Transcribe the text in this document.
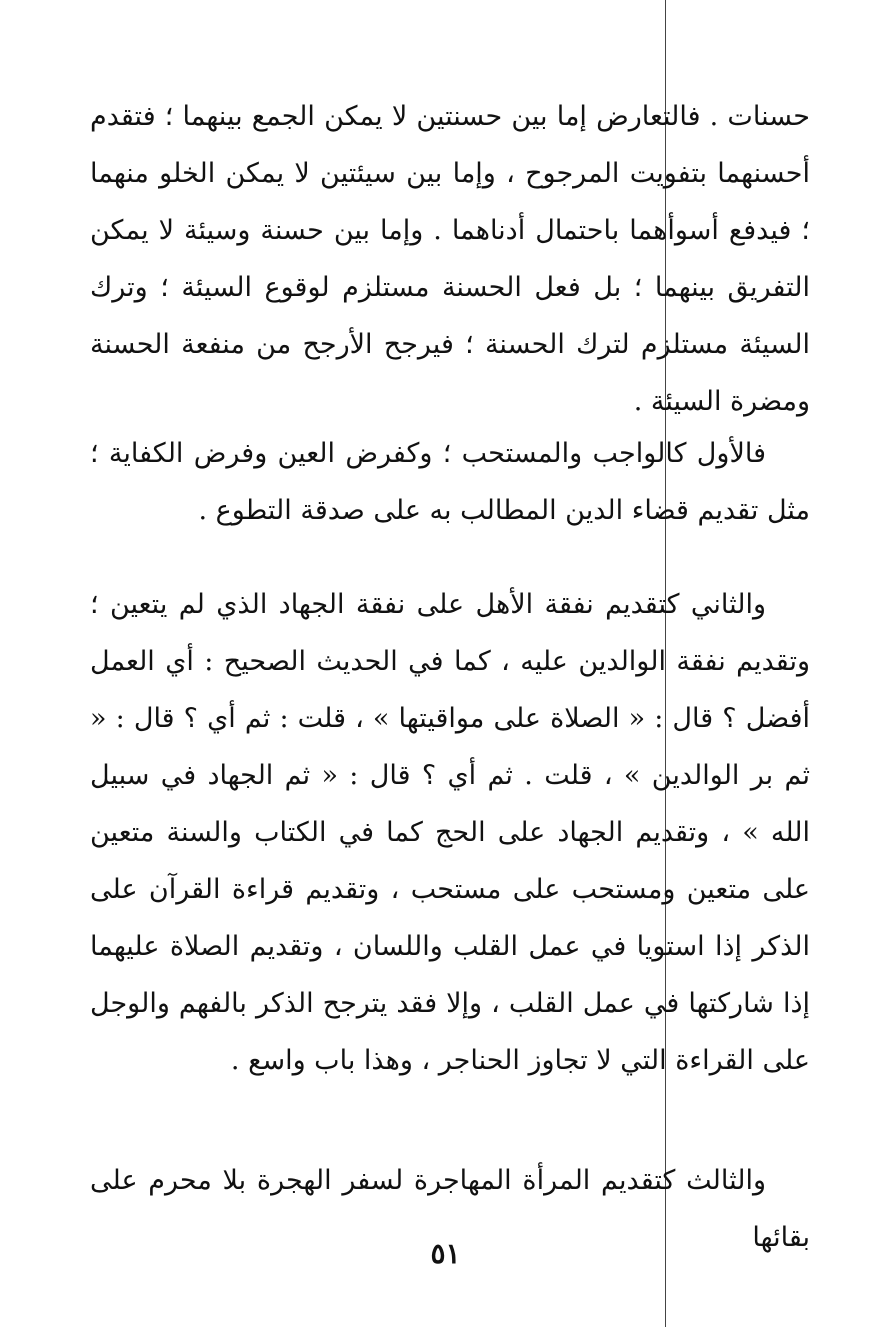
حسنات . فالتعارض إما بين حسنتين لا يمكن الجمع بينهما ؛ فتقدم أحسنهما بتفويت المرجوح ، وإما بين سيئتين لا يمكن الخلو منهما ؛ فيدفع أسوأهما باحتمال أدناهما . وإما بين حسنة وسيئة لا يمكن التفريق بينهما ؛ بل فعل الحسنة مستلزم لوقوع السيئة ؛ وترك السيئة مستلزم لترك الحسنة ؛ فيرجح الأرجح من منفعة الحسنة ومضرة السيئة .

فالأول كالواجب والمستحب ؛ وكفرض العين وفرض الكفاية ؛ مثل تقديم قضاء الدين المطالب به على صدقة التطوع .

والثاني كتقديم نفقة الأهل على نفقة الجهاد الذي لم يتعين ؛ وتقديم نفقة الوالدين عليه ، كما في الحديث الصحيح : أي العمل أفضل ؟ قال : « الصلاة على مواقيتها » ، قلت : ثم أي ؟ قال : « ثم بر الوالدين » ، قلت . ثم أي ؟ قال : « ثم الجهاد في سبيل الله » ، وتقديم الجهاد على الحج كما في الكتاب والسنة متعين على متعين ومستحب على مستحب ، وتقديم قراءة القرآن على الذكر إذا استويا في عمل القلب واللسان ، وتقديم الصلاة عليهما إذا شاركتها في عمل القلب ، وإلا فقد يترجح الذكر بالفهم والوجل على القراءة التي لا تجاوز الحناجر ، وهذا باب واسع .

والثالث كتقديم المرأة المهاجرة لسفر الهجرة بلا محرم على بقائها

٥١
